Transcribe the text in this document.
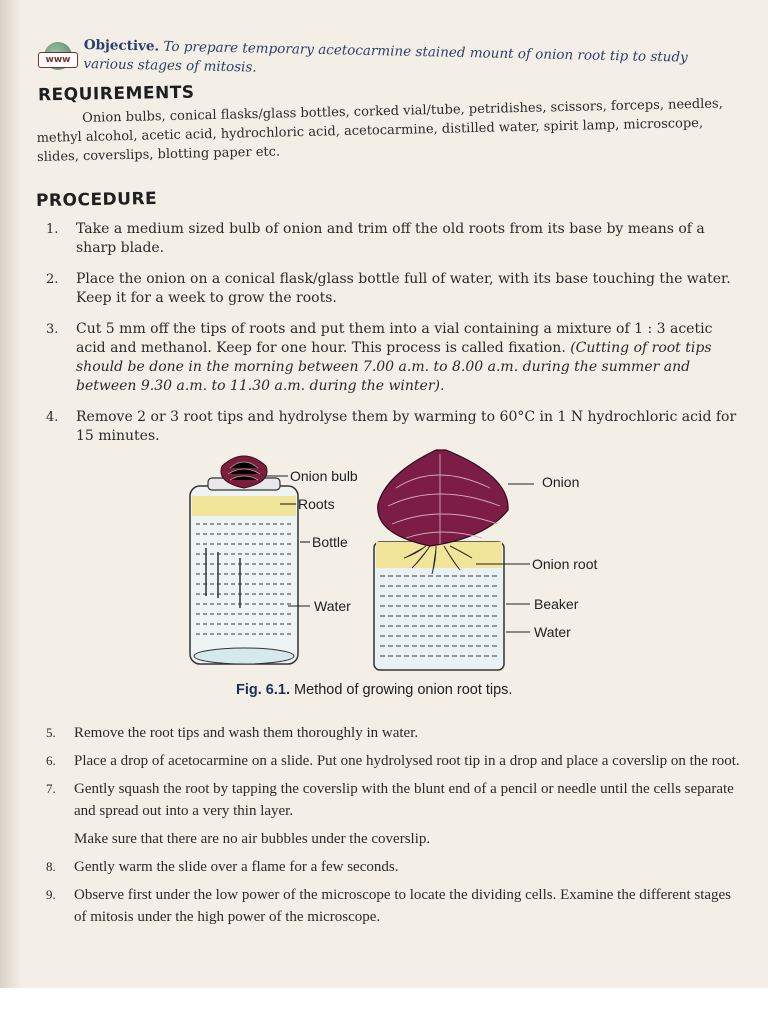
www
Objective. To prepare temporary acetocarmine stained mount of onion root tip to study various stages of mitosis.
REQUIREMENTS
Onion bulbs, conical flasks/glass bottles, corked vial/tube, petridishes, scissors, forceps, needles, methyl alcohol, acetic acid, hydrochloric acid, acetocarmine, distilled water, spirit lamp, microscope, slides, coverslips, blotting paper etc.
PROCEDURE
1. Take a medium sized bulb of onion and trim off the old roots from its base by means of a sharp blade.
2. Place the onion on a conical flask/glass bottle full of water, with its base touching the water. Keep it for a week to grow the roots.
3. Cut 5 mm off the tips of roots and put them into a vial containing a mixture of 1 : 3 acetic acid and methanol. Keep for one hour. This process is called fixation. (Cutting of root tips should be done in the morning between 7.00 a.m. to 8.00 a.m. during the summer and between 9.30 a.m. to 11.30 a.m. during the winter).
4. Remove 2 or 3 root tips and hydrolyse them by warming to 60°C in 1 N hydrochloric acid for 15 minutes.
Onion bulb
Roots
Bottle
Water
Onion
Onion root
Beaker
Water
Fig. 6.1. Method of growing onion root tips.
5. Remove the root tips and wash them thoroughly in water.
6. Place a drop of acetocarmine on a slide. Put one hydrolysed root tip in a drop and place a coverslip on the root.
7. Gently squash the root by tapping the coverslip with the blunt end of a pencil or needle until the cells separate and spread out into a very thin layer.
Make sure that there are no air bubbles under the coverslip.
8. Gently warm the slide over a flame for a few seconds.
9. Observe first under the low power of the microscope to locate the dividing cells. Examine the different stages of mitosis under the high power of the microscope.
